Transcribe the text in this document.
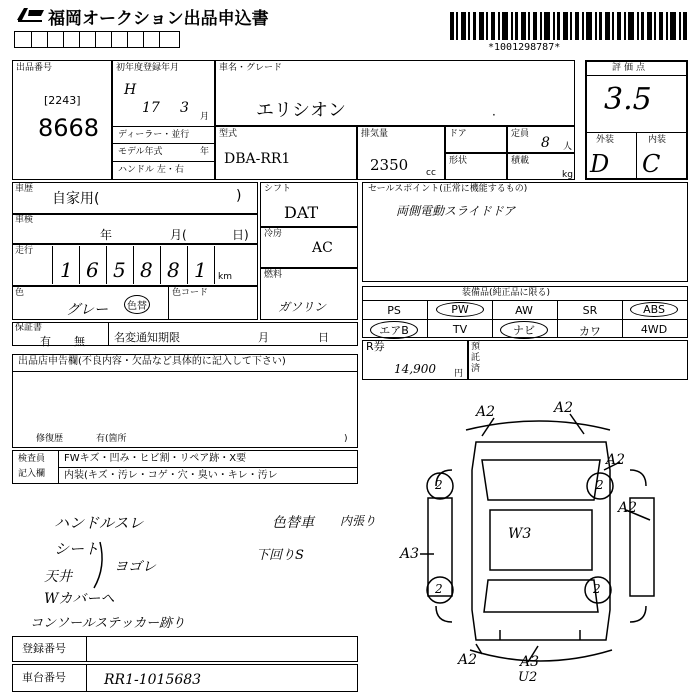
福岡オークション出品申込書
*1001298787*
出品番号
[2243]
8668
初年度登録年月
H
17 3
月
ディーラー・並行
モデル年式	年
ハンドル 左・右
車名・グレード
エリシオン	·
型式
DBA-RR1
排気量
2350 cc
ドア	定員
8 人
形状	積載
kg
評価点
3.5
外装	内装
D C
車歴
自家用(	)
車検
年	月(	日)
走行
1 6 5 8 8 1 km
色
グレー	色替
色コード
シフト
DAT
冷房
AC
燃料
ガソリン
保証書
有 無	名変通知期限	月	日
セールスポイント(正常に機能するもの)
両側電動スライドドア
装備品(純正品に限る)
PS	PW	AW	SR	ABS
エアB	TV	ナビ	カワ	4WD
R券
14,900 円
預託済
出品店申告欄(不良内容・欠品など具体的に記入して下さい)
修復歴	有(箇所	)
検査員
記入欄
FWキズ・凹み・ヒビ割・リペア跡・X要
内装(キズ・汚レ・コゲ・穴・臭い・キレ・汚レ
ハンドルスレ
シート
ヨゴレ
天井
Wカバーヘ
コンソールステッカー跡り
色替車 内張り
下回りS
登録番号
車台番号	RR1-1015683
A2	A2
A2
A2
A3
W3
A2	A3
U2
2	2
2	2
